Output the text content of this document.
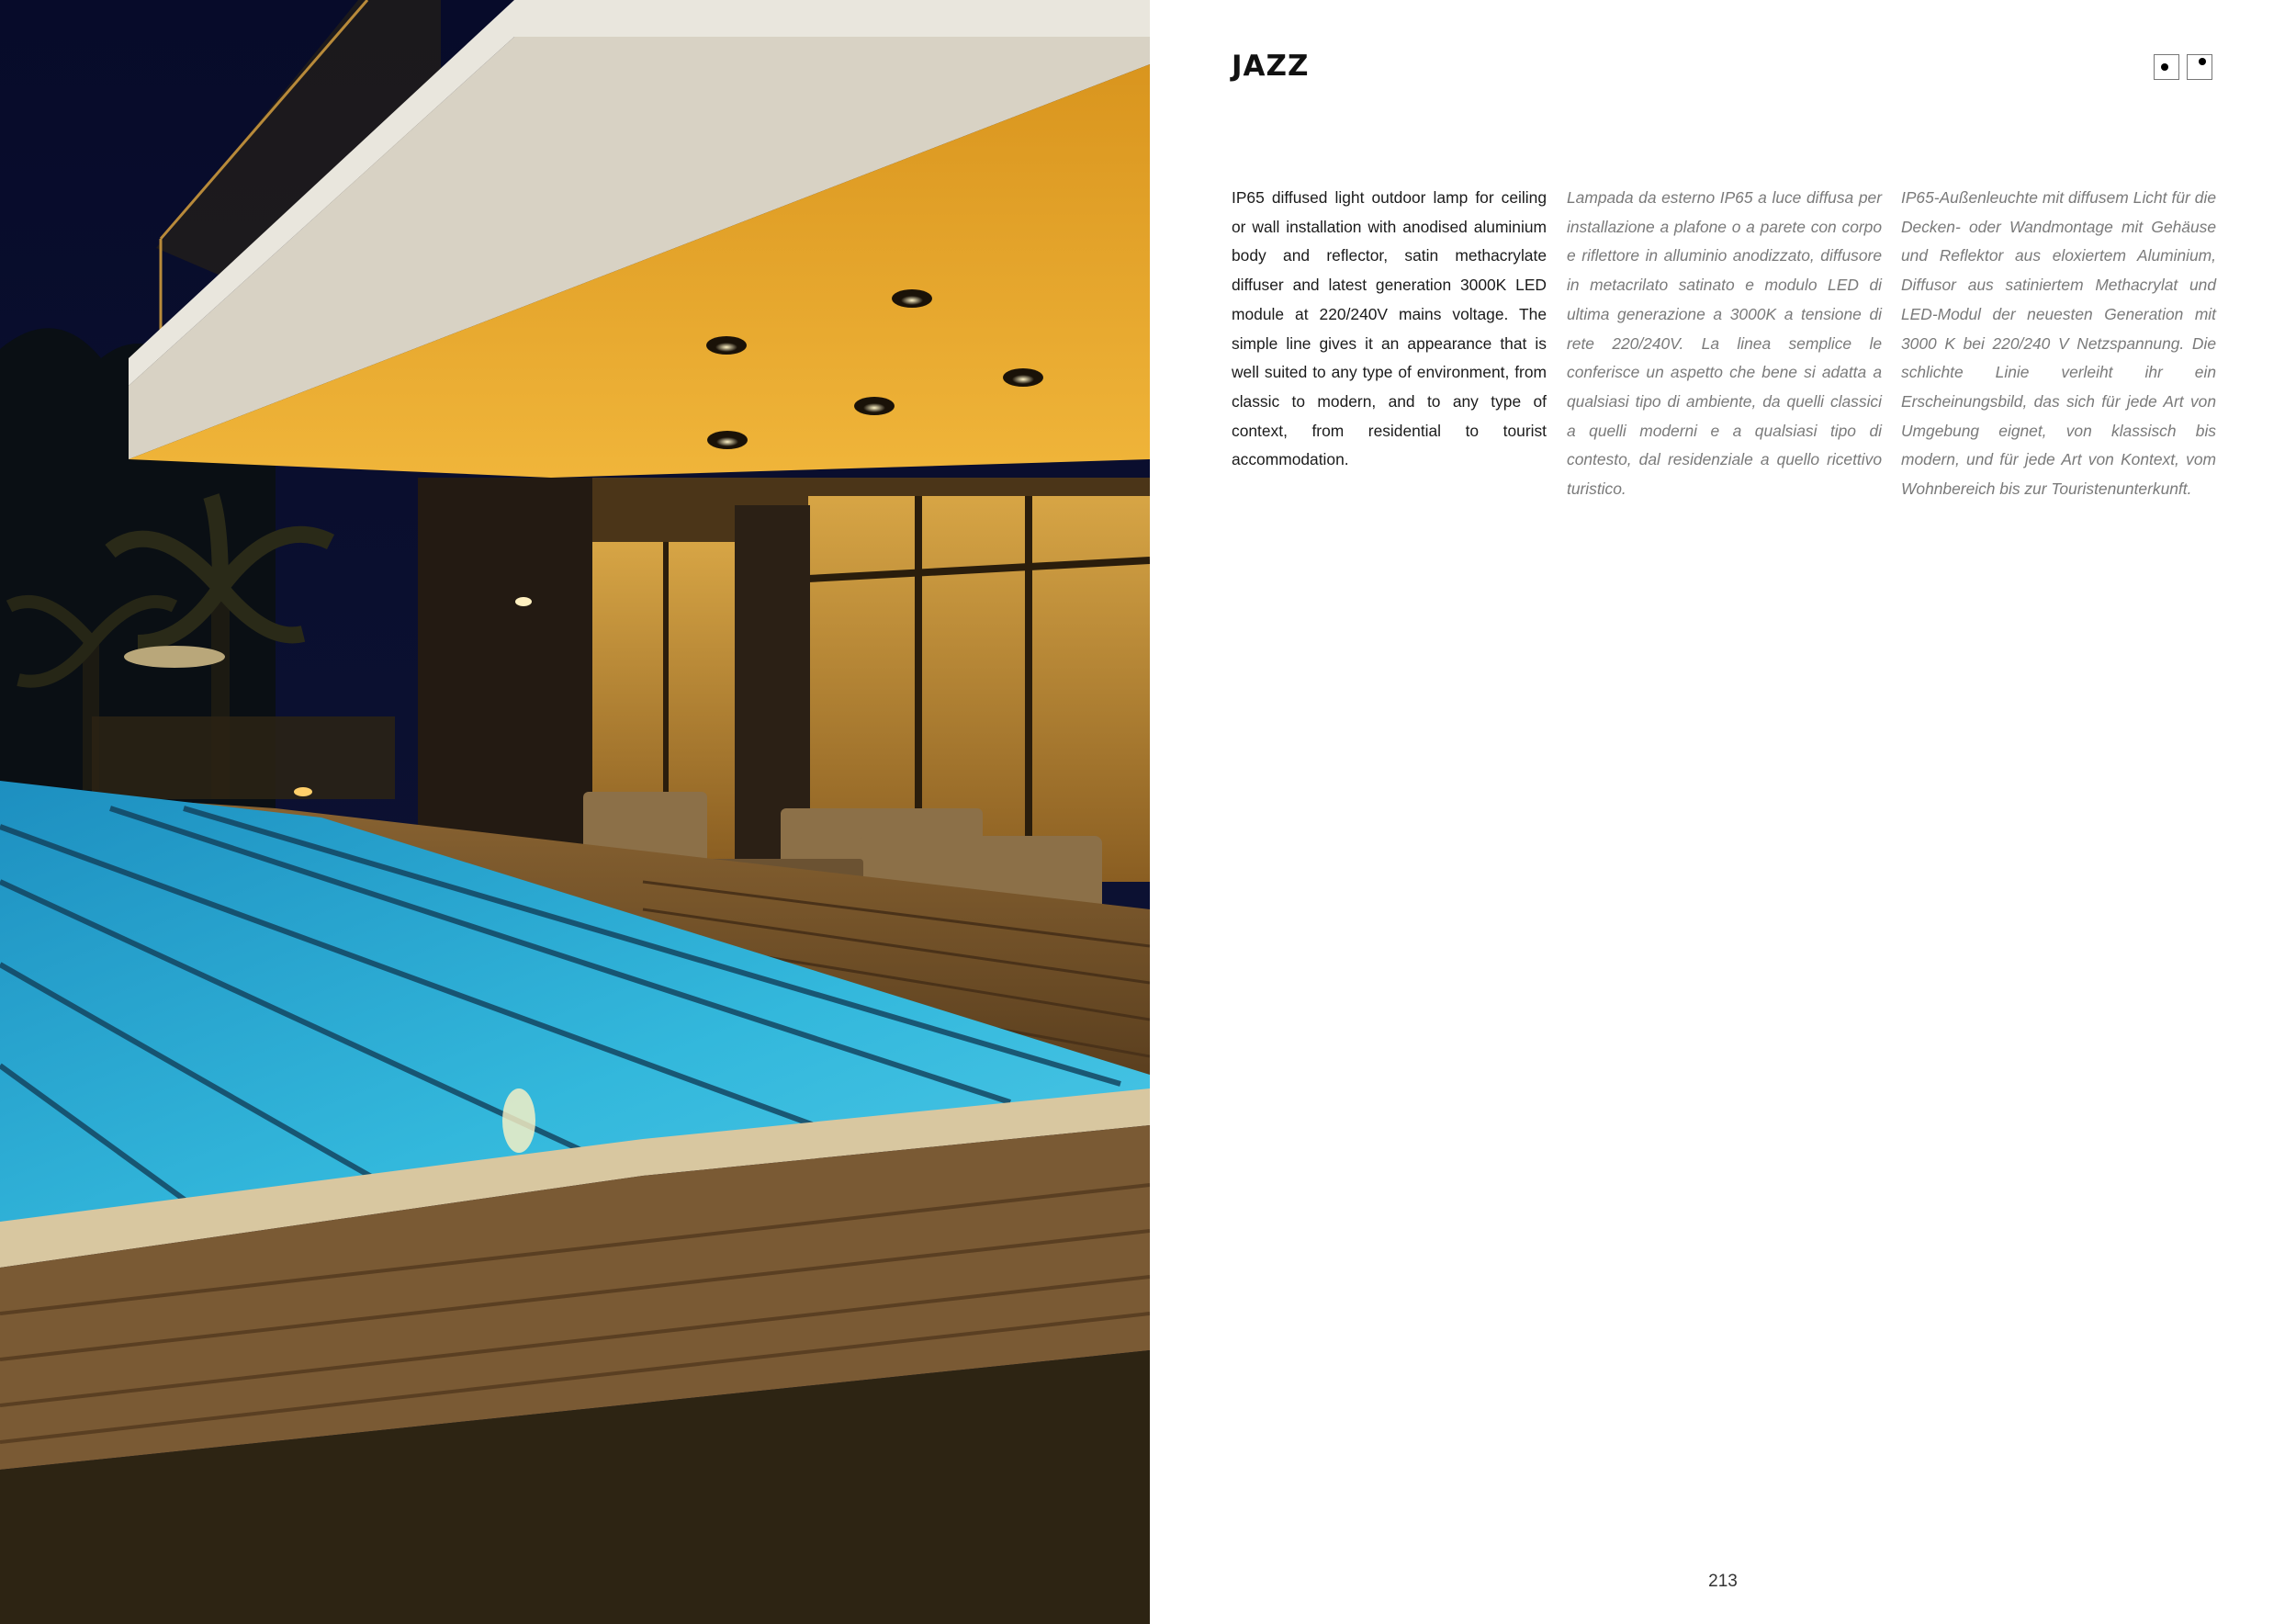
JAZZ

IP65 diffused light outdoor lamp for ceiling or wall installation with anodised aluminium body and reflector, satin methacrylate diffuser and latest generation 3000K LED module at 220/240V mains voltage. The simple line gives it an appearance that is well suited to any type of environment, from classic to modern, and to any type of context, from residential to tourist accommodation.

Lampada da esterno IP65 a luce diffusa per installazione a plafone o a parete con corpo e riflettore in alluminio anodizzato, diffusore in metacrilato satinato e modulo LED di ultima generazione a 3000K a tensione di rete 220/240V. La linea semplice le conferisce un aspetto che bene si adatta a qualsiasi tipo di ambiente, da quelli classici a quelli moderni e a qualsiasi tipo di contesto, dal residenziale a quello ricettivo turistico.

IP65-Außenleuchte mit diffusem Licht für die Decken- oder Wandmontage mit Gehäuse und Reflektor aus eloxiertem Aluminium, Diffusor aus satiniertem Methacrylat und LED-Modul der neuesten Generation mit 3000 K bei 220/240 V Netzspannung. Die schlichte Linie verleiht ihr ein Erscheinungsbild, das sich für jede Art von Umgebung eignet, von klassisch bis modern, und für jede Art von Kontext, vom Wohnbereich bis zur Touristenunterkunft.

213
